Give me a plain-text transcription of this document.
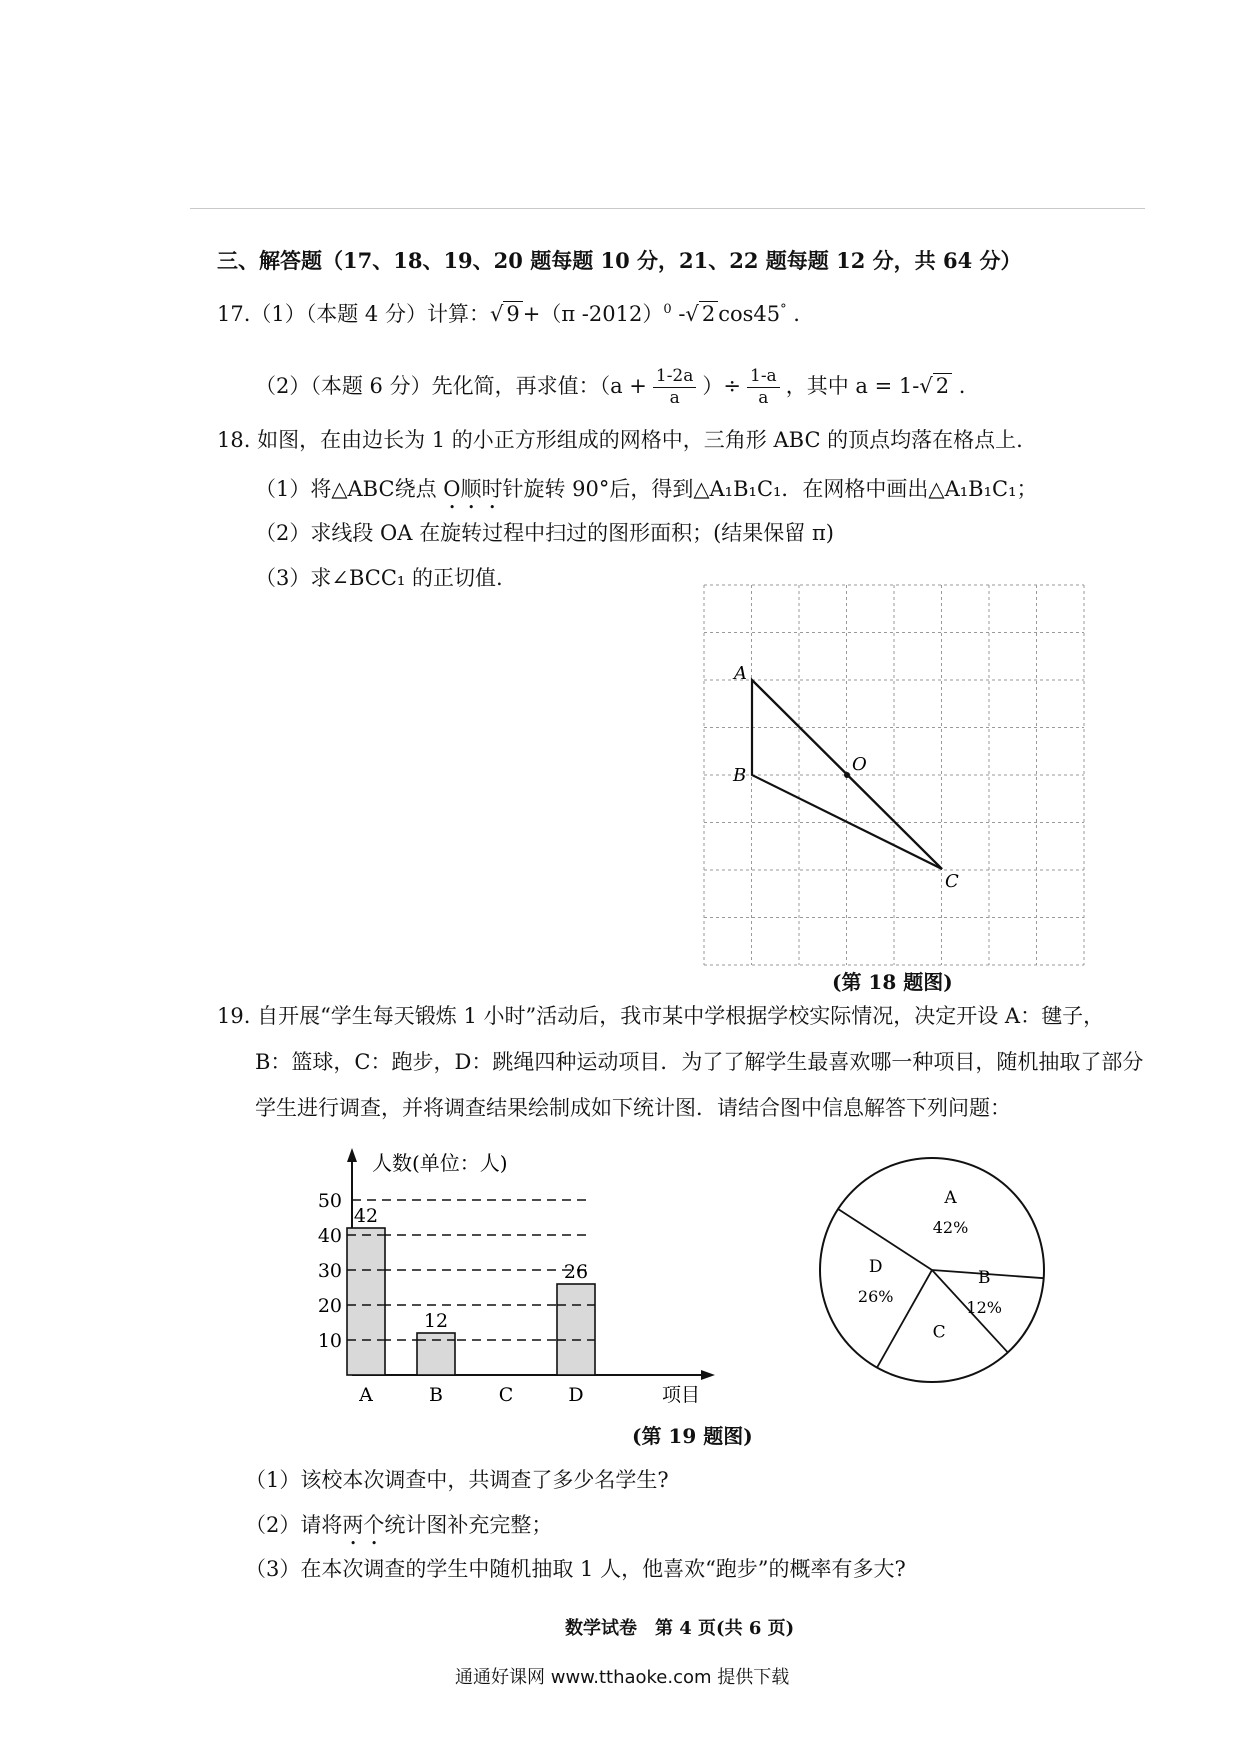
三、解答题（17、18、19、20 题每题 10 分，21、22 题每题 12 分，共 64 分）
17.（1）（本题 4 分）计算：√ 9 +（π -2012）$^0$ -√ 2 cos45° .
（2）（本题 6 分）先化简，再求值：（$a + \frac{1-2a}{a}$ ）÷ $\frac{1-a}{a}$ ，其中 a = 1-√ 2 .
18. 如图，在由边长为 1 的小正方形组成的网格中，三角形 ABC 的顶点均落在格点上.
（1）将△ABC绕点 O顺时针旋转 90°后，得到△A₁B₁C₁．在网格中画出△A₁B₁C₁；
（2）求线段 OA 在旋转过程中扫过的图形面积；(结果保留 π)
（3）求∠BCC₁ 的正切值.
A
B
O
C
(第 18 题图)
19. 自开展“学生每天锻炼 1 小时”活动后，我市某中学根据学校实际情况，决定开设 A：毽子，
B：篮球，C：跑步，D：跳绳四种运动项目．为了了解学生最喜欢哪一种项目，随机抽取了部分
学生进行调查，并将调查结果绘制成如下统计图．请结合图中信息解答下列问题：
人数(单位：人)
项目
42
12
26
10
20
30
40
50
A	B	C	D
A
42%
B
12%
C
D
26%
(第 19 题图)
（1）该校本次调查中，共调查了多少名学生?
（2）请将两个统计图补充完整；
（3）在本次调查的学生中随机抽取 1 人，他喜欢“跑步”的概率有多大?
数学试卷　第 4 页(共 6 页)
通通好课网 www.tthaoke.com 提供下载
